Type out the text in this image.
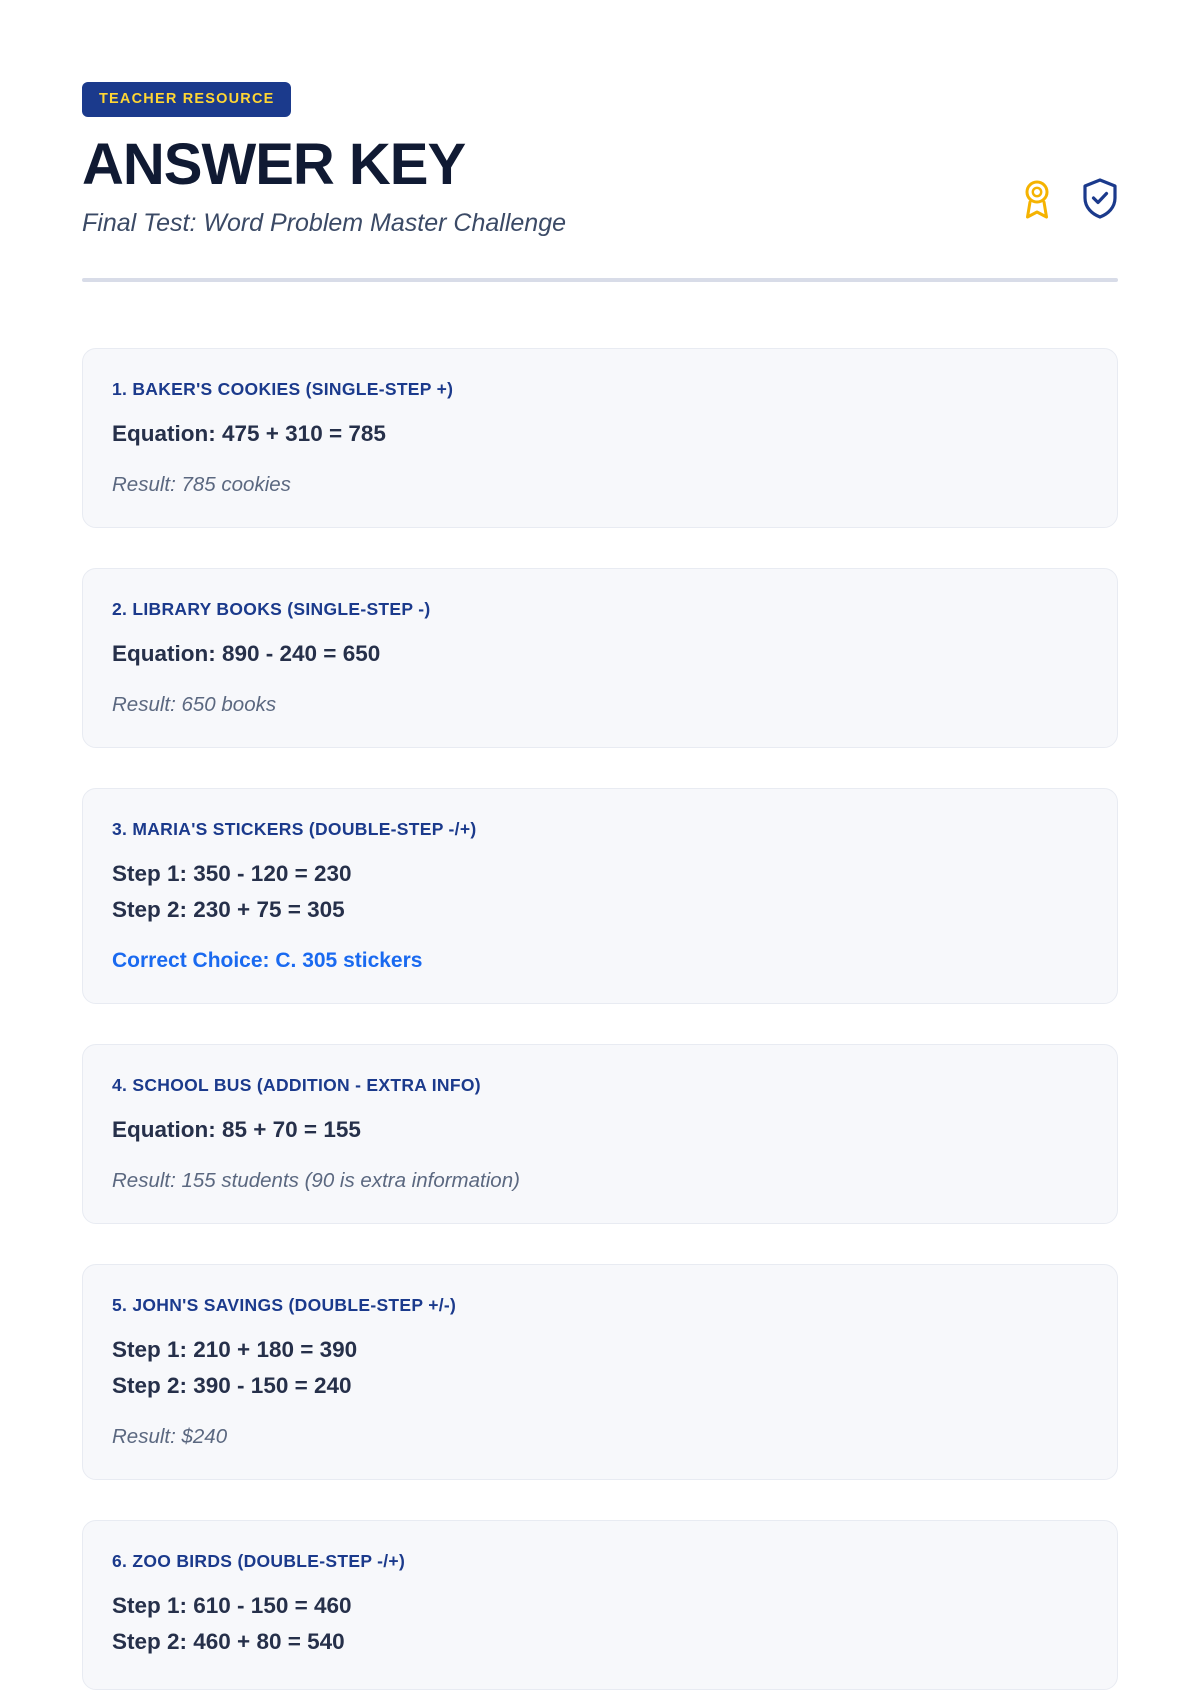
TEACHER RESOURCE
ANSWER KEY
Final Test: Word Problem Master Challenge
1. BAKER'S COOKIES (SINGLE-STEP +)
Equation: 475 + 310 = 785
Result: 785 cookies
2. LIBRARY BOOKS (SINGLE-STEP -)
Equation: 890 - 240 = 650
Result: 650 books
3. MARIA'S STICKERS (DOUBLE-STEP -/+)
Step 1: 350 - 120 = 230
Step 2: 230 + 75 = 305
Correct Choice: C. 305 stickers
4. SCHOOL BUS (ADDITION - EXTRA INFO)
Equation: 85 + 70 = 155
Result: 155 students (90 is extra information)
5. JOHN'S SAVINGS (DOUBLE-STEP +/-)
Step 1: 210 + 180 = 390
Step 2: 390 - 150 = 240
Result: $240
6. ZOO BIRDS (DOUBLE-STEP -/+)
Step 1: 610 - 150 = 460
Step 2: 460 + 80 = 540
